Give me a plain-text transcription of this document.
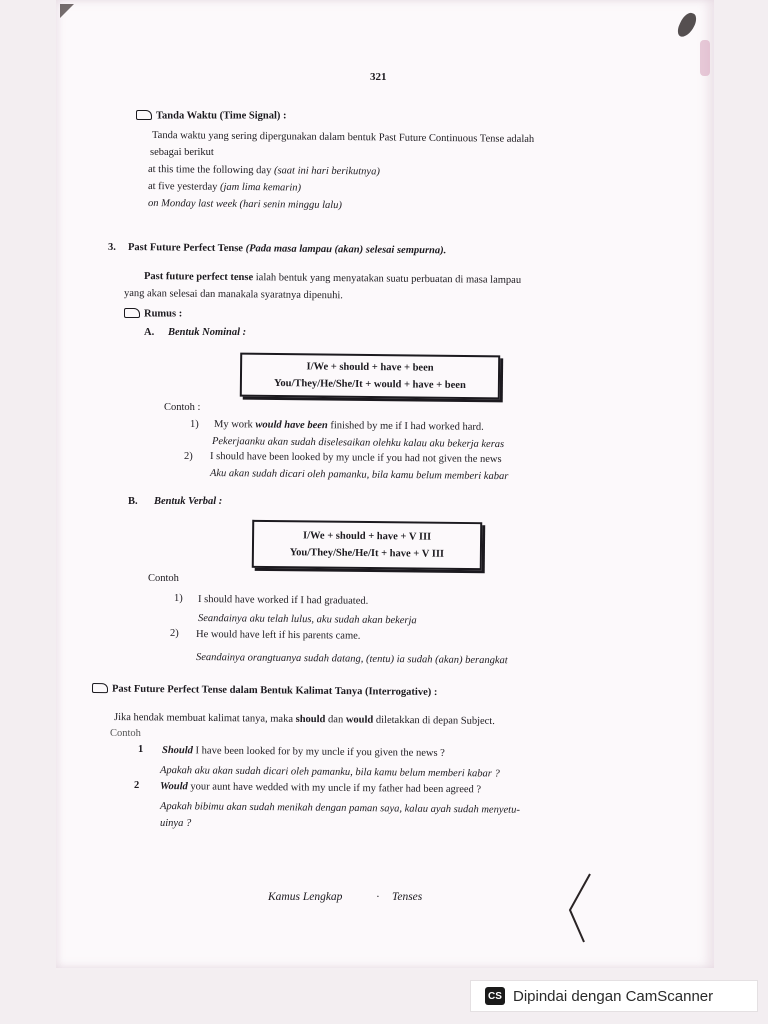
321
Tanda Waktu (Time Signal) :
Tanda waktu yang sering dipergunakan dalam bentuk Past Future Continuous Tense adalah
sebagai berikut
at this time the following day (saat ini hari berikutnya)
at five yesterday (jam lima kemarin)
on Monday last week (hari senin minggu lalu)
3. Past Future Perfect Tense (Pada masa lampau (akan) selesai sempurna).
Past future perfect tense ialah bentuk yang menyatakan suatu perbuatan di masa lampau
yang akan selesai dan manakala syaratnya dipenuhi.
Rumus :
A. Bentuk Nominal :
I/We + should + have + been
You/They/He/She/It + would + have + been
Contoh :
1) My work would have been finished by me if I had worked hard.
Pekerjaanku akan sudah diselesaikan olehku kalau aku bekerja keras
2) I should have been looked by my uncle if you had not given the news
Aku akan sudah dicari oleh pamanku, bila kamu belum memberi kabar
B. Bentuk Verbal :
I/We + should + have + V III
You/They/She/He/It + have + V III
Contoh
1) I should have worked if I had graduated.
Seandainya aku telah lulus, aku sudah akan bekerja
2) He would have left if his parents came.
Seandainya orangtuanya sudah datang, (tentu) ia sudah (akan) berangkat
Past Future Perfect Tense dalam Bentuk Kalimat Tanya (Interrogative) :
Jika hendak membuat kalimat tanya, maka should dan would diletakkan di depan Subject.
Contoh
1 Should I have been looked for by my uncle if you given the news ?
Apakah aku akan sudah dicari oleh pamanku, bila kamu belum memberi kabar ?
2 Would your aunt have wedded with my uncle if my father had been agreed ?
Apakah bibimu akan sudah menikah dengan paman saya, kalau ayah sudah menyetu-
uinya ?
Kamus Lengkap	· Tenses
CS Dipindai dengan CamScanner
